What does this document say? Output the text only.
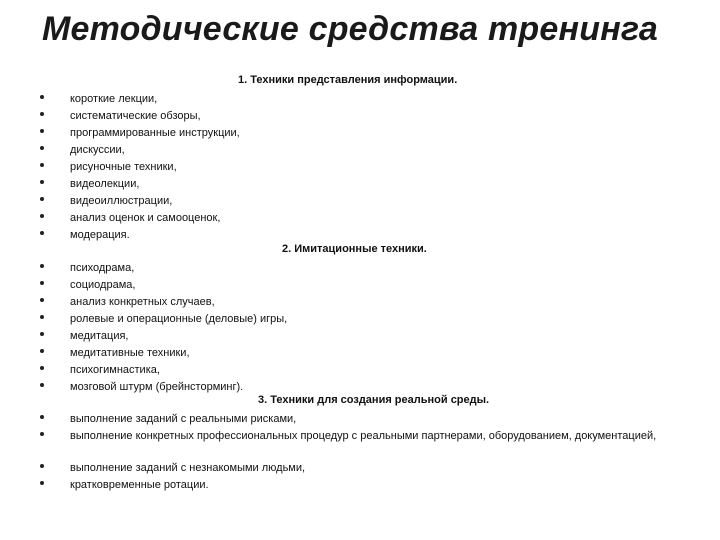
Методические средства тренинга
1. Техники представления информации.
короткие лекции,
систематические обзоры,
программированные инструкции,
дискуссии,
рисуночные техники,
видеолекции,
видеоиллюстрации,
анализ оценок и самооценок,
модерация.
2. Имитационные техники.
психодрама,
социодрама,
анализ конкретных случаев,
ролевые и операционные (деловые) игры,
медитация,
медитативные техники,
психогимнастика,
мозговой штурм (брейнсторминг).
3. Техники для создания реальной среды.
выполнение заданий с реальными рисками,
выполнение конкретных профессиональных процедур с реальными партнерами, оборудованием, документацией,
выполнение заданий с незнакомыми людьми,
кратковременные ротации.
